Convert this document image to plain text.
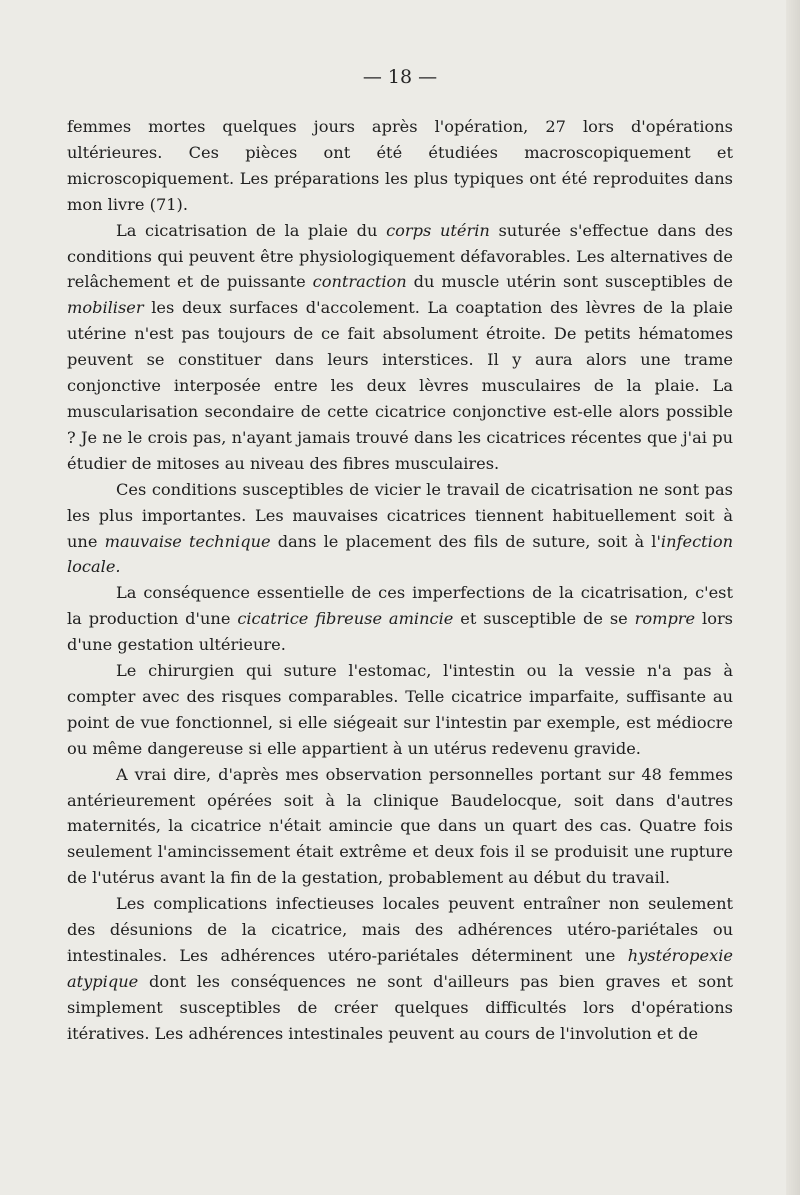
— 18 —

femmes mortes quelques jours après l'opération, 27 lors d'opérations ultérieures. Ces pièces ont été étudiées macroscopiquement et microscopiquement. Les préparations les plus typiques ont été reproduites dans mon livre (71).

La cicatrisation de la plaie du corps utérin suturée s'effectue dans des conditions qui peuvent être physiologiquement défavorables. Les alternatives de relâchement et de puissante contraction du muscle utérin sont susceptibles de mobiliser les deux surfaces d'accolement. La coaptation des lèvres de la plaie utérine n'est pas toujours de ce fait absolument étroite. De petits hématomes peuvent se constituer dans leurs interstices. Il y aura alors une trame conjonctive interposée entre les deux lèvres musculaires de la plaie. La muscularisation secondaire de cette cicatrice conjonctive est-elle alors possible ? Je ne le crois pas, n'ayant jamais trouvé dans les cicatrices récentes que j'ai pu étudier de mitoses au niveau des fibres musculaires.

Ces conditions susceptibles de vicier le travail de cicatrisation ne sont pas les plus importantes. Les mauvaises cicatrices tiennent habituellement soit à une mauvaise technique dans le placement des fils de suture, soit à l'infection locale.

La conséquence essentielle de ces imperfections de la cicatrisation, c'est la production d'une cicatrice fibreuse amincie et susceptible de se rompre lors d'une gestation ultérieure.

Le chirurgien qui suture l'estomac, l'intestin ou la vessie n'a pas à compter avec des risques comparables. Telle cicatrice imparfaite, suffisante au point de vue fonctionnel, si elle siégeait sur l'intestin par exemple, est médiocre ou même dangereuse si elle appartient à un utérus redevenu gravide.

A vrai dire, d'après mes observation personnelles portant sur 48 femmes antérieurement opérées soit à la clinique Baudelocque, soit dans d'autres maternités, la cicatrice n'était amincie que dans un quart des cas. Quatre fois seulement l'amincissement était extrême et deux fois il se produisit une rupture de l'utérus avant la fin de la gestation, probablement au début du travail.

Les complications infectieuses locales peuvent entraîner non seulement des désunions de la cicatrice, mais des adhérences utéro-pariétales ou intestinales. Les adhérences utéro-pariétales déterminent une hystéropexie atypique dont les conséquences ne sont d'ailleurs pas bien graves et sont simplement susceptibles de créer quelques difficultés lors d'opérations itératives. Les adhérences intestinales peuvent au cours de l'involution et de
